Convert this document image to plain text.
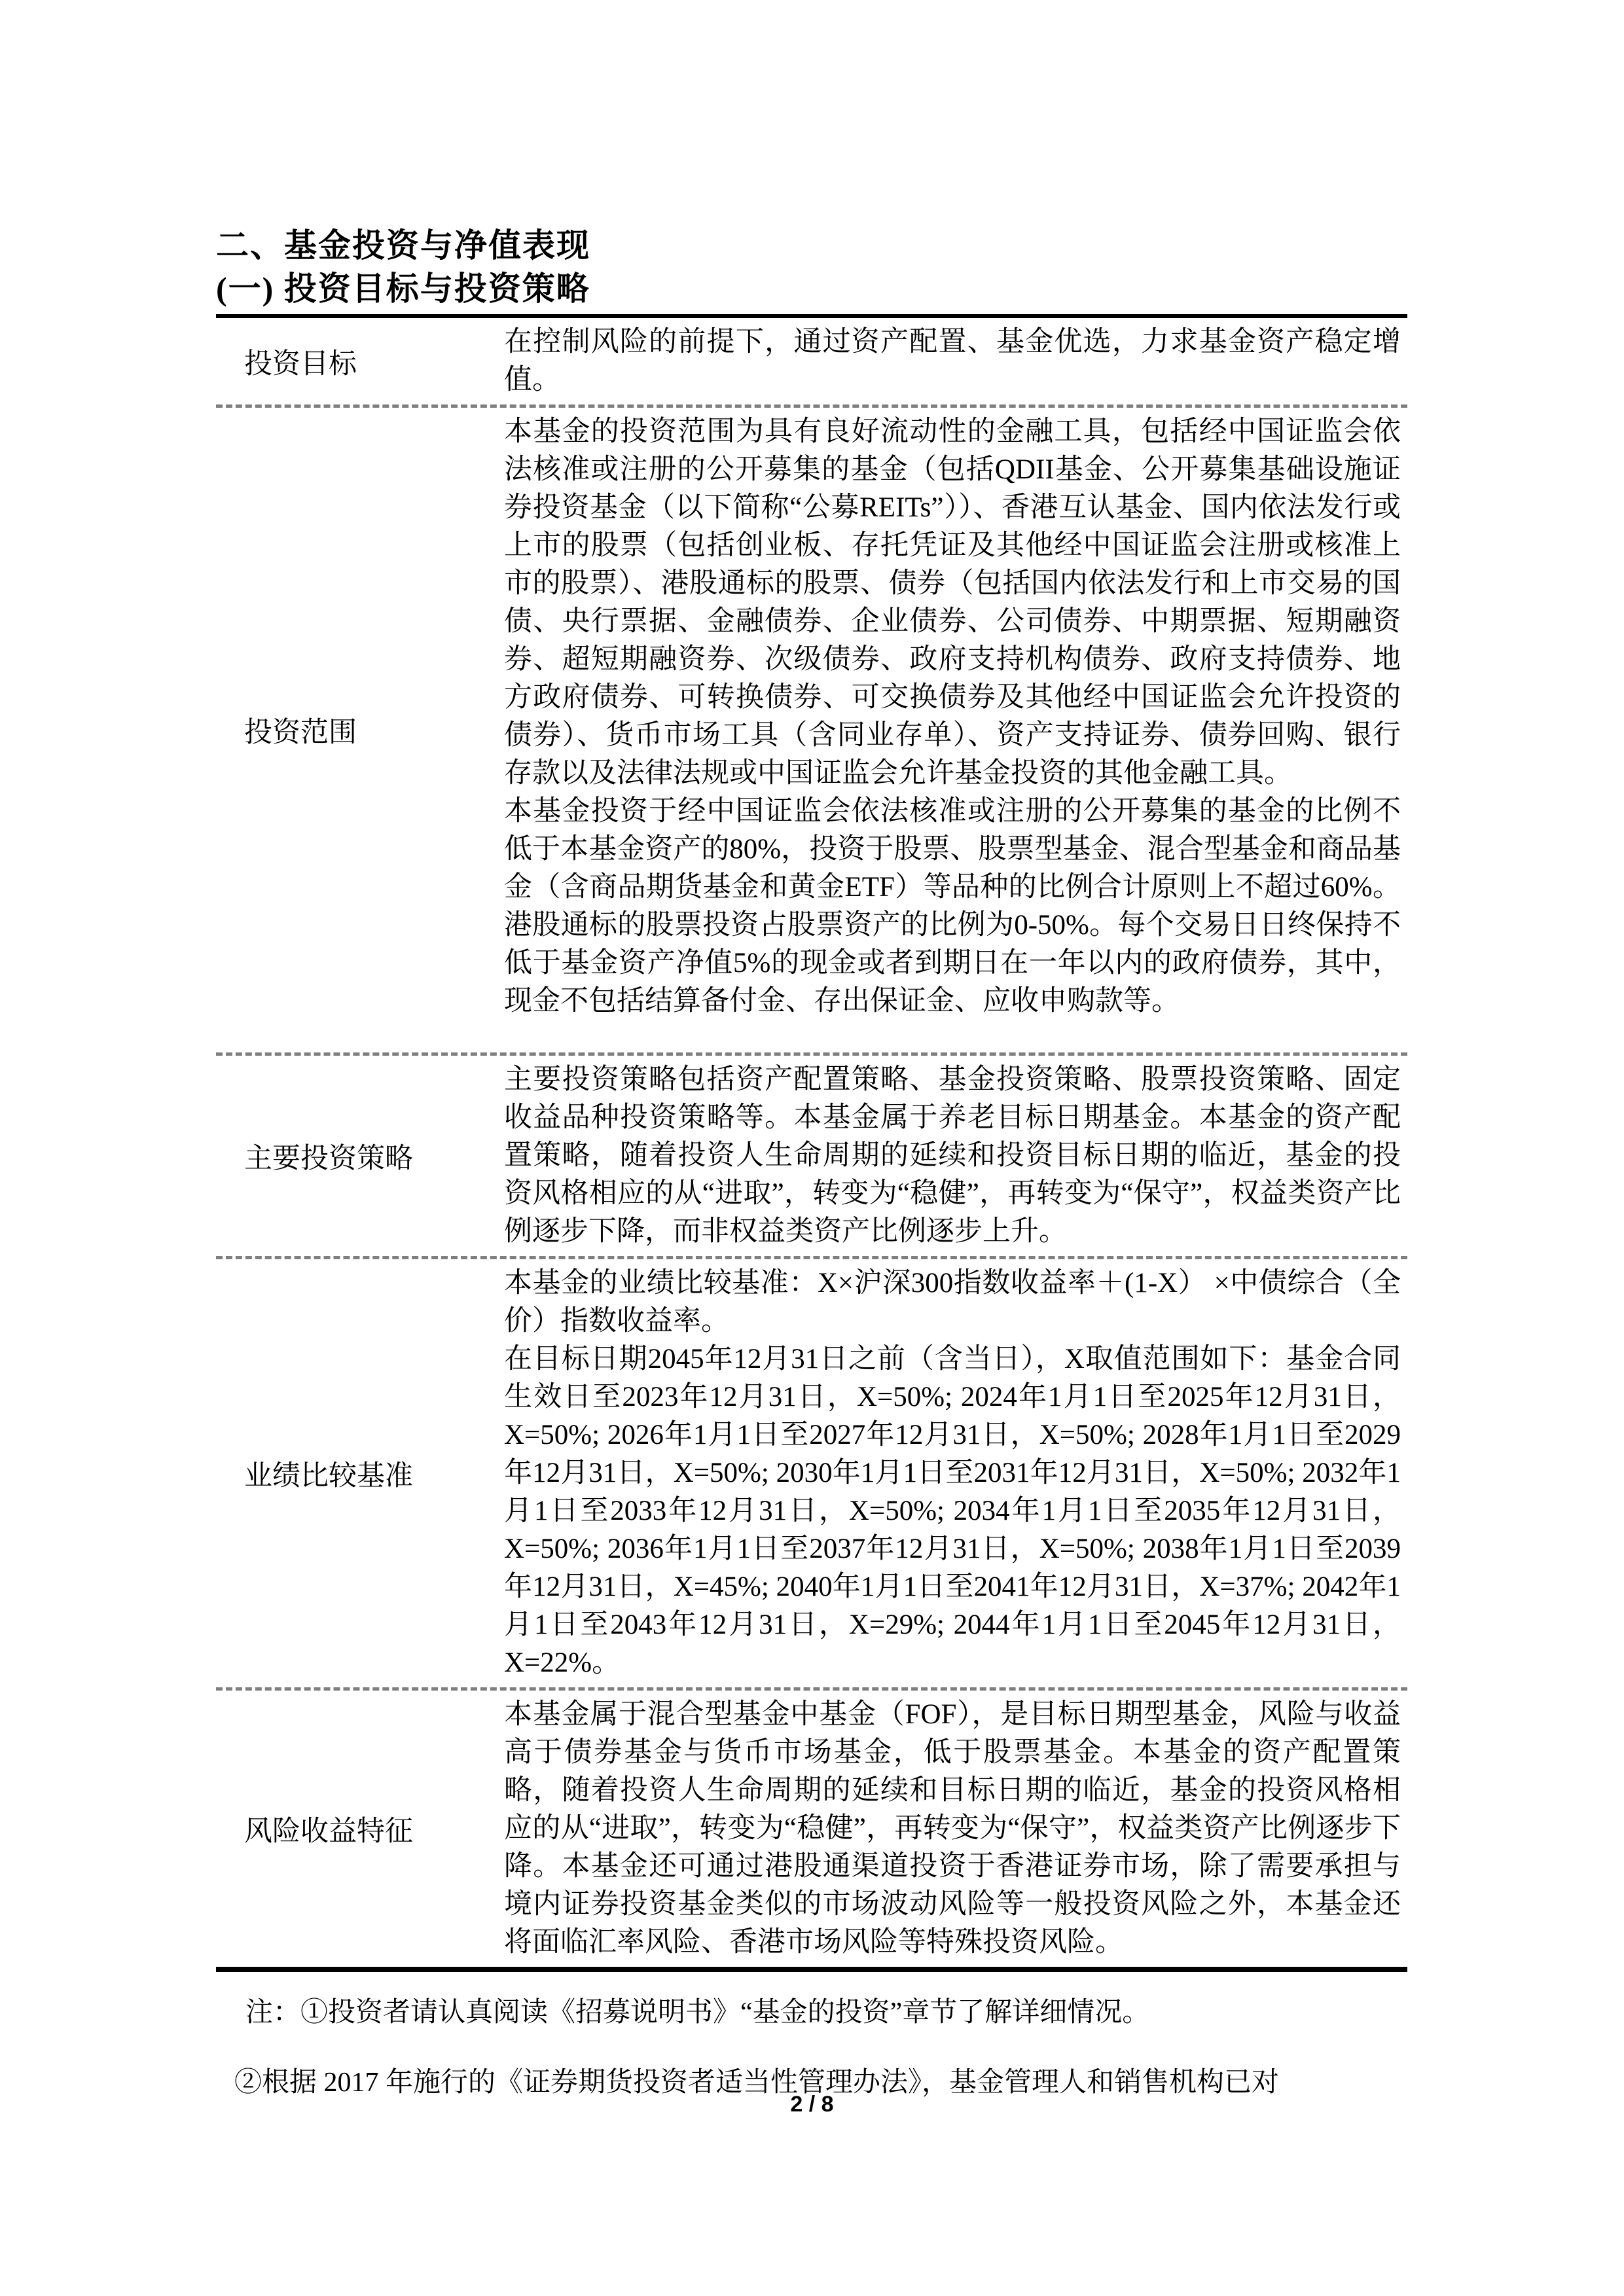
二、基金投资与净值表现
(一) 投资目标与投资策略
投资目标

在控制风险的前提下，通过资产配置、基金优选，力求基金资产稳定增值。

投资范围

本基金的投资范围为具有良好流动性的金融工具，包括经中国证监会依法核准或注册的公开募集的基金（包括QDII基金、公开募集基础设施证券投资基金（以下简称“公募REITs”））、香港互认基金、国内依法发行或上市的股票（包括创业板、存托凭证及其他经中国证监会注册或核准上市的股票）、港股通标的股票、债券（包括国内依法发行和上市交易的国债、央行票据、金融债券、企业债券、公司债券、中期票据、短期融资券、超短期融资券、次级债券、政府支持机构债券、政府支持债券、地方政府债券、可转换债券、可交换债券及其他经中国证监会允许投资的债券）、货币市场工具（含同业存单）、资产支持证券、债券回购、银行存款以及法律法规或中国证监会允许基金投资的其他金融工具。

本基金投资于经中国证监会依法核准或注册的公开募集的基金的比例不低于本基金资产的80%，投资于股票、股票型基金、混合型基金和商品基金（含商品期货基金和黄金ETF）等品种的比例合计原则上不超过60%。港股通标的股票投资占股票资产的比例为0-50%。每个交易日日终保持不低于基金资产净值5%的现金或者到期日在一年以内的政府债券，其中，现金不包括结算备付金、存出保证金、应收申购款等。

主要投资策略

主要投资策略包括资产配置策略、基金投资策略、股票投资策略、固定收益品种投资策略等。本基金属于养老目标日期基金。本基金的资产配置策略，随着投资人生命周期的延续和投资目标日期的临近，基金的投资风格相应的从“进取”，转变为“稳健”，再转变为“保守”，权益类资产比例逐步下降，而非权益类资产比例逐步上升。

业绩比较基准

本基金的业绩比较基准：X×沪深300指数收益率＋(1-X） ×中债综合（全价）指数收益率。

在目标日期2045年12月31日之前（含当日），X取值范围如下：基金合同生效日至2023年12月31日，X=50%; 2024年1月1日至2025年12月31日，X=50%; 2026年1月1日至2027年12月31日，X=50%; 2028年1月1日至2029年12月31日，X=50%; 2030年1月1日至2031年12月31日，X=50%; 2032年1月1日至2033年12月31日，X=50%; 2034年1月1日至2035年12月31日，X=50%; 2036年1月1日至2037年12月31日，X=50%; 2038年1月1日至2039年12月31日，X=45%; 2040年1月1日至2041年12月31日，X=37%; 2042年1月1日至2043年12月31日，X=29%; 2044年1月1日至2045年12月31日，X=22%。

风险收益特征

本基金属于混合型基金中基金（FOF），是目标日期型基金，风险与收益高于债券基金与货币市场基金，低于股票基金。本基金的资产配置策略，随着投资人生命周期的延续和目标日期的临近，基金的投资风格相应的从“进取”，转变为“稳健”，再转变为“保守”，权益类资产比例逐步下降。本基金还可通过港股通渠道投资于香港证券市场，除了需要承担与境内证券投资基金类似的市场波动风险等一般投资风险之外，本基金还将面临汇率风险、香港市场风险等特殊投资风险。

注：①投资者请认真阅读《招募说明书》“基金的投资”章节了解详细情况。

②根据 2017 年施行的《证券期货投资者适当性管理办法》，基金管理人和销售机构已对

2 / 8
